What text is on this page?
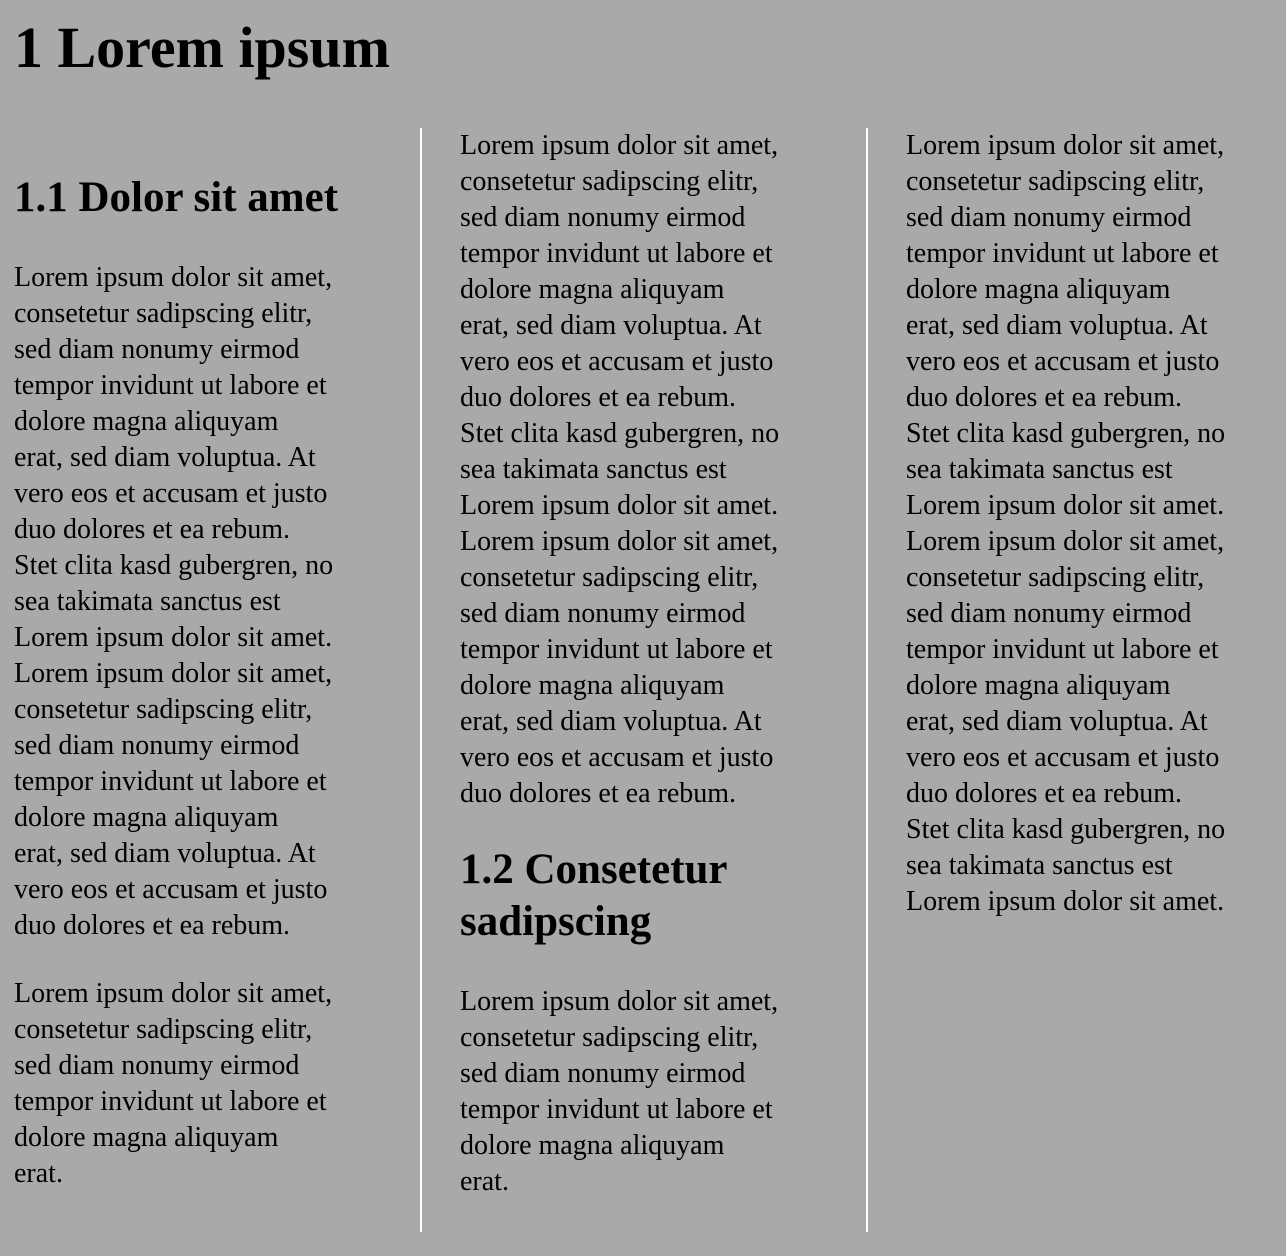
1 Lorem ipsum
1.1 Dolor sit amet

Lorem ipsum dolor sit amet,
consetetur sadipscing elitr,
sed diam nonumy eirmod
tempor invidunt ut labore et
dolore magna aliquyam
erat, sed diam voluptua. At
vero eos et accusam et justo
duo dolores et ea rebum.
Stet clita kasd gubergren, no
sea takimata sanctus est
Lorem ipsum dolor sit amet.
Lorem ipsum dolor sit amet,
consetetur sadipscing elitr,
sed diam nonumy eirmod
tempor invidunt ut labore et
dolore magna aliquyam
erat, sed diam voluptua. At
vero eos et accusam et justo
duo dolores et ea rebum.

Lorem ipsum dolor sit amet,
consetetur sadipscing elitr,
sed diam nonumy eirmod
tempor invidunt ut labore et
dolore magna aliquyam
erat.

Lorem ipsum dolor sit amet,
consetetur sadipscing elitr,
sed diam nonumy eirmod
tempor invidunt ut labore et
dolore magna aliquyam
erat, sed diam voluptua. At
vero eos et accusam et justo
duo dolores et ea rebum.
Stet clita kasd gubergren, no
sea takimata sanctus est
Lorem ipsum dolor sit amet.
Lorem ipsum dolor sit amet,
consetetur sadipscing elitr,
sed diam nonumy eirmod
tempor invidunt ut labore et
dolore magna aliquyam
erat, sed diam voluptua. At
vero eos et accusam et justo
duo dolores et ea rebum.

1.2 Consetetur
sadipscing

Lorem ipsum dolor sit amet,
consetetur sadipscing elitr,
sed diam nonumy eirmod
tempor invidunt ut labore et
dolore magna aliquyam
erat.

Lorem ipsum dolor sit amet,
consetetur sadipscing elitr,
sed diam nonumy eirmod
tempor invidunt ut labore et
dolore magna aliquyam
erat, sed diam voluptua. At
vero eos et accusam et justo
duo dolores et ea rebum.
Stet clita kasd gubergren, no
sea takimata sanctus est
Lorem ipsum dolor sit amet.
Lorem ipsum dolor sit amet,
consetetur sadipscing elitr,
sed diam nonumy eirmod
tempor invidunt ut labore et
dolore magna aliquyam
erat, sed diam voluptua. At
vero eos et accusam et justo
duo dolores et ea rebum.
Stet clita kasd gubergren, no
sea takimata sanctus est
Lorem ipsum dolor sit amet.
